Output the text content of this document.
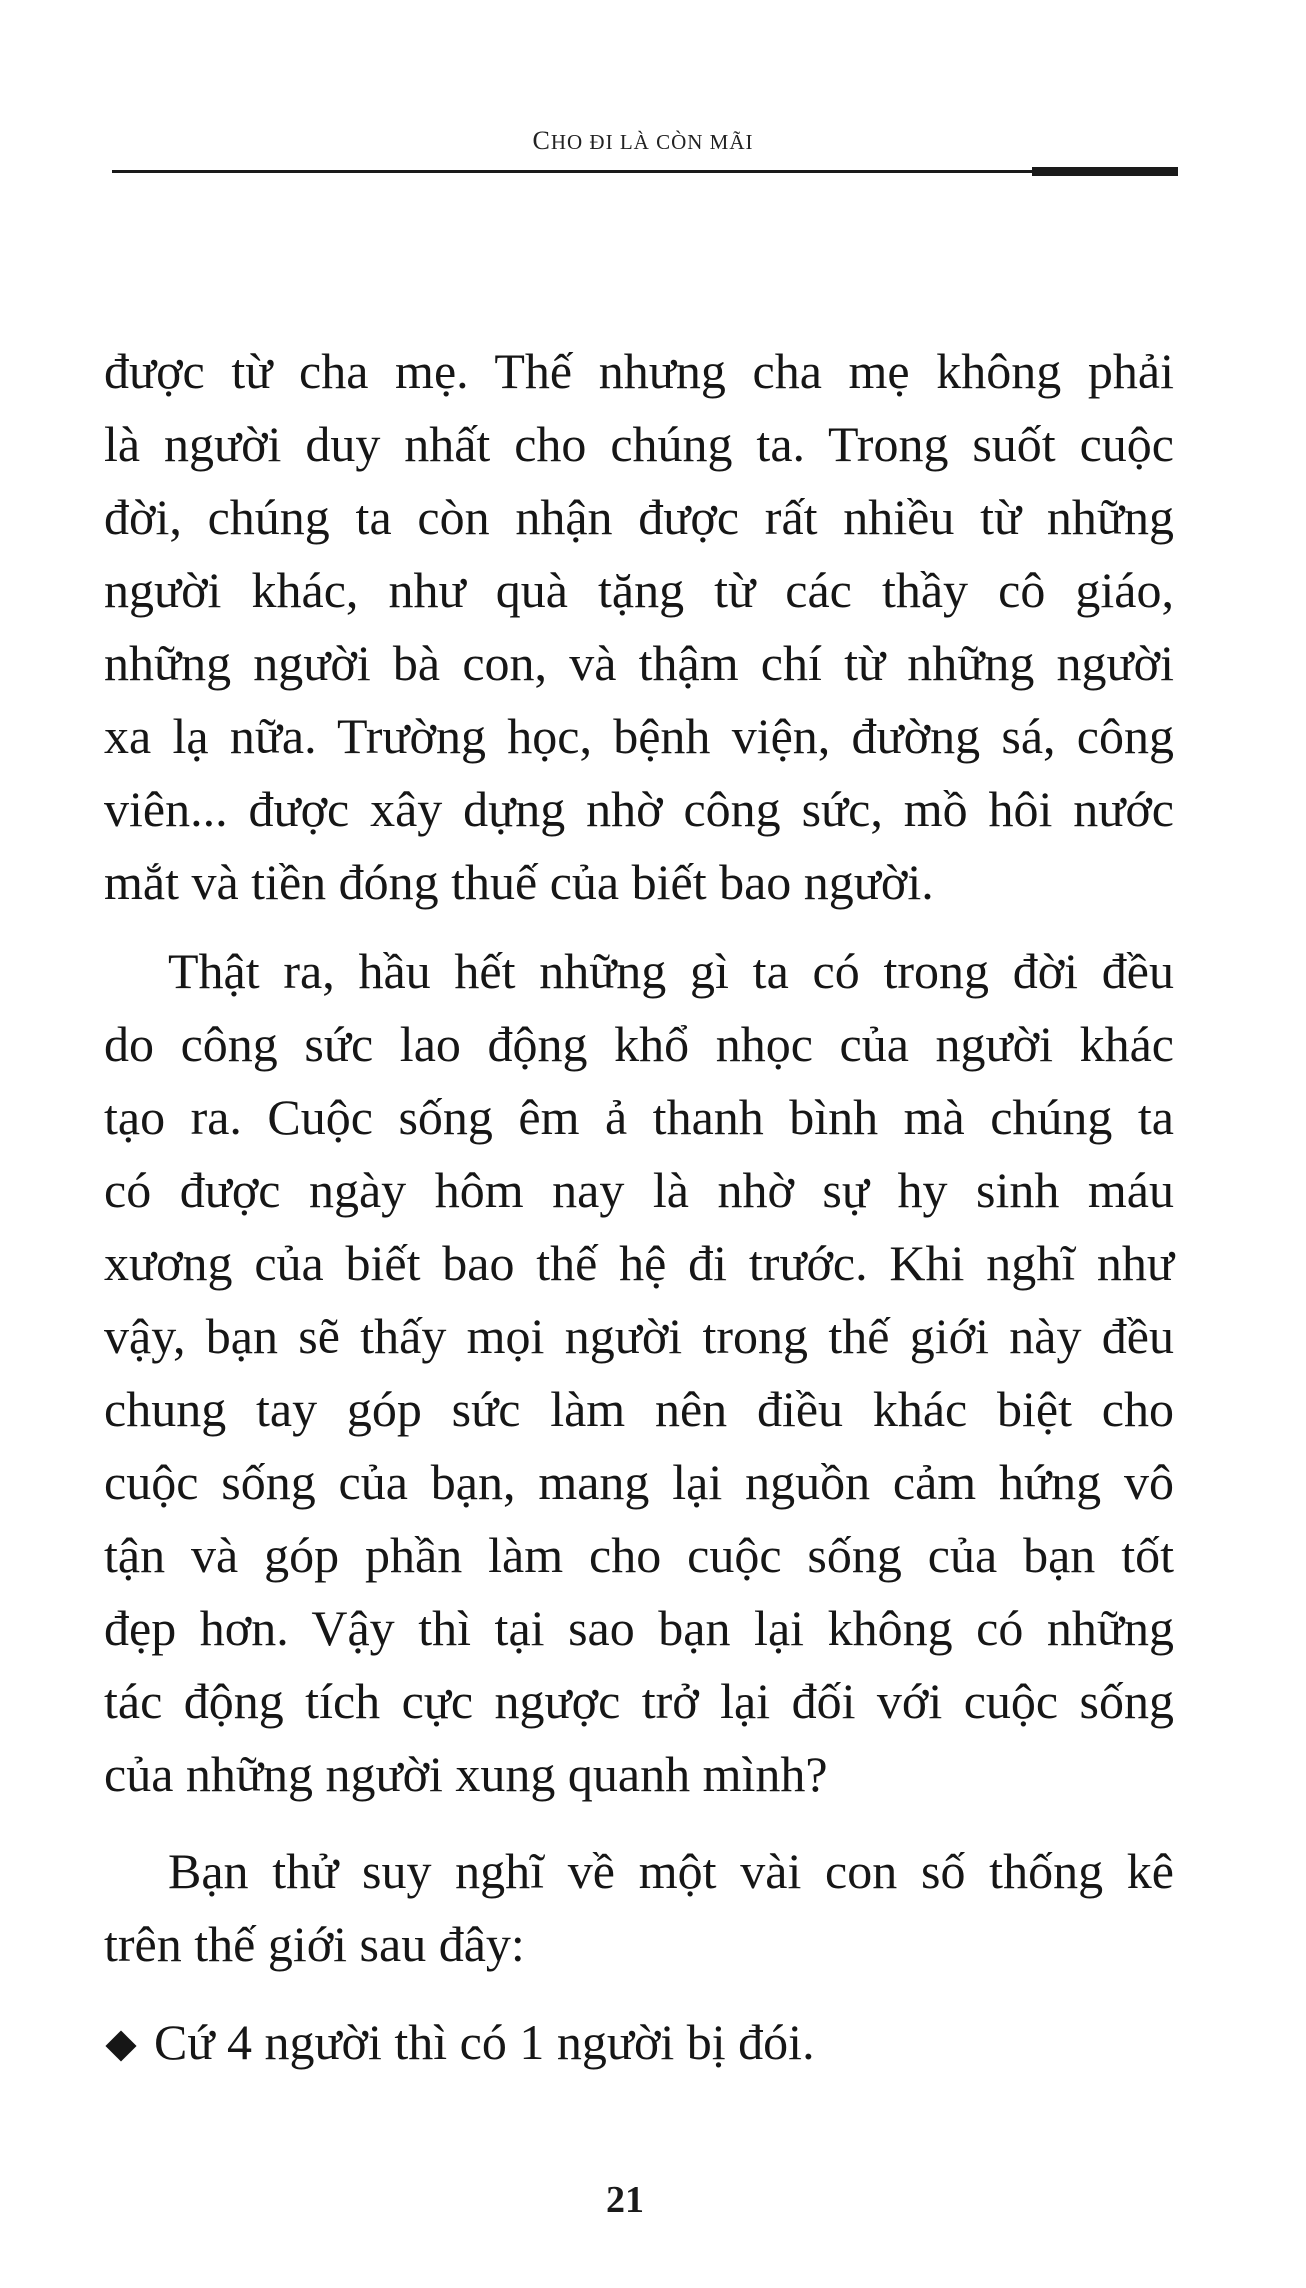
CHO ĐI LÀ CÒN MÃI

được từ cha mẹ. Thế nhưng cha mẹ không phải
là người duy nhất cho chúng ta. Trong suốt cuộc
đời, chúng ta còn nhận được rất nhiều từ những
người khác, như quà tặng từ các thầy cô giáo,
những người bà con, và thậm chí từ những người
xa lạ nữa. Trường học, bệnh viện, đường sá, công
viên... được xây dựng nhờ công sức, mồ hôi nước
mắt và tiền đóng thuế của biết bao người.

Thật ra, hầu hết những gì ta có trong đời đều
do công sức lao động khổ nhọc của người khác
tạo ra. Cuộc sống êm ả thanh bình mà chúng ta
có được ngày hôm nay là nhờ sự hy sinh máu
xương của biết bao thế hệ đi trước. Khi nghĩ như
vậy, bạn sẽ thấy mọi người trong thế giới này đều
chung tay góp sức làm nên điều khác biệt cho
cuộc sống của bạn, mang lại nguồn cảm hứng vô
tận và góp phần làm cho cuộc sống của bạn tốt
đẹp hơn. Vậy thì tại sao bạn lại không có những
tác động tích cực ngược trở lại đối với cuộc sống
của những người xung quanh mình?

Bạn thử suy nghĩ về một vài con số thống kê
trên thế giới sau đây:

Cứ 4 người thì có 1 người bị đói.
21
